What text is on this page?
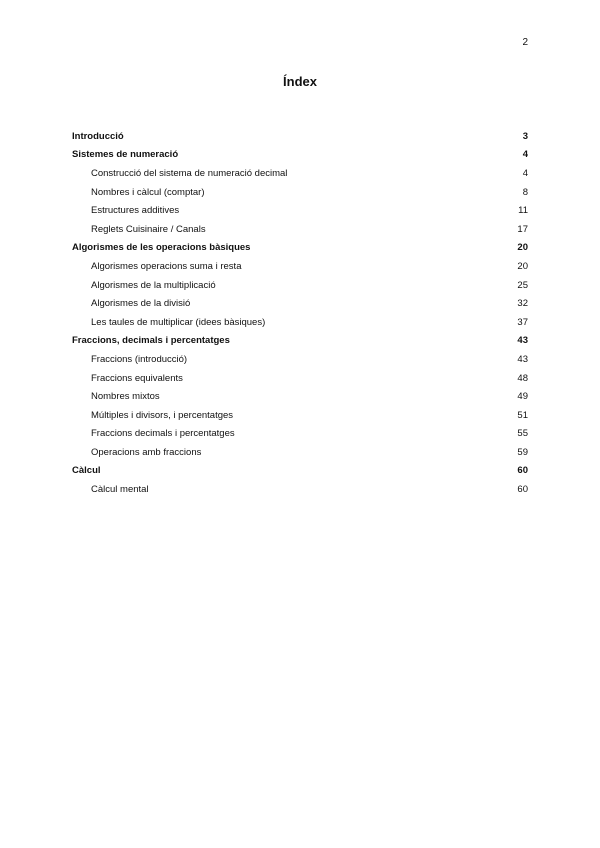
2
Índex
Introducció	3
Sistemes de numeració	4
Construcció del sistema de numeració decimal	4
Nombres i càlcul (comptar)	8
Estructures additives	11
Reglets Cuisinaire / Canals	17
Algorismes de les operacions bàsiques	20
Algorismes operacions suma i resta	20
Algorismes de la multiplicació	25
Algorismes de la divisió	32
Les taules de multiplicar (idees bàsiques)	37
Fraccions, decimals i percentatges	43
Fraccions (introducció)	43
Fraccions equivalents	48
Nombres mixtos	49
Múltiples i divisors, i percentatges	51
Fraccions decimals i percentatges	55
Operacions amb fraccions	59
Càlcul	60
Càlcul mental	60
